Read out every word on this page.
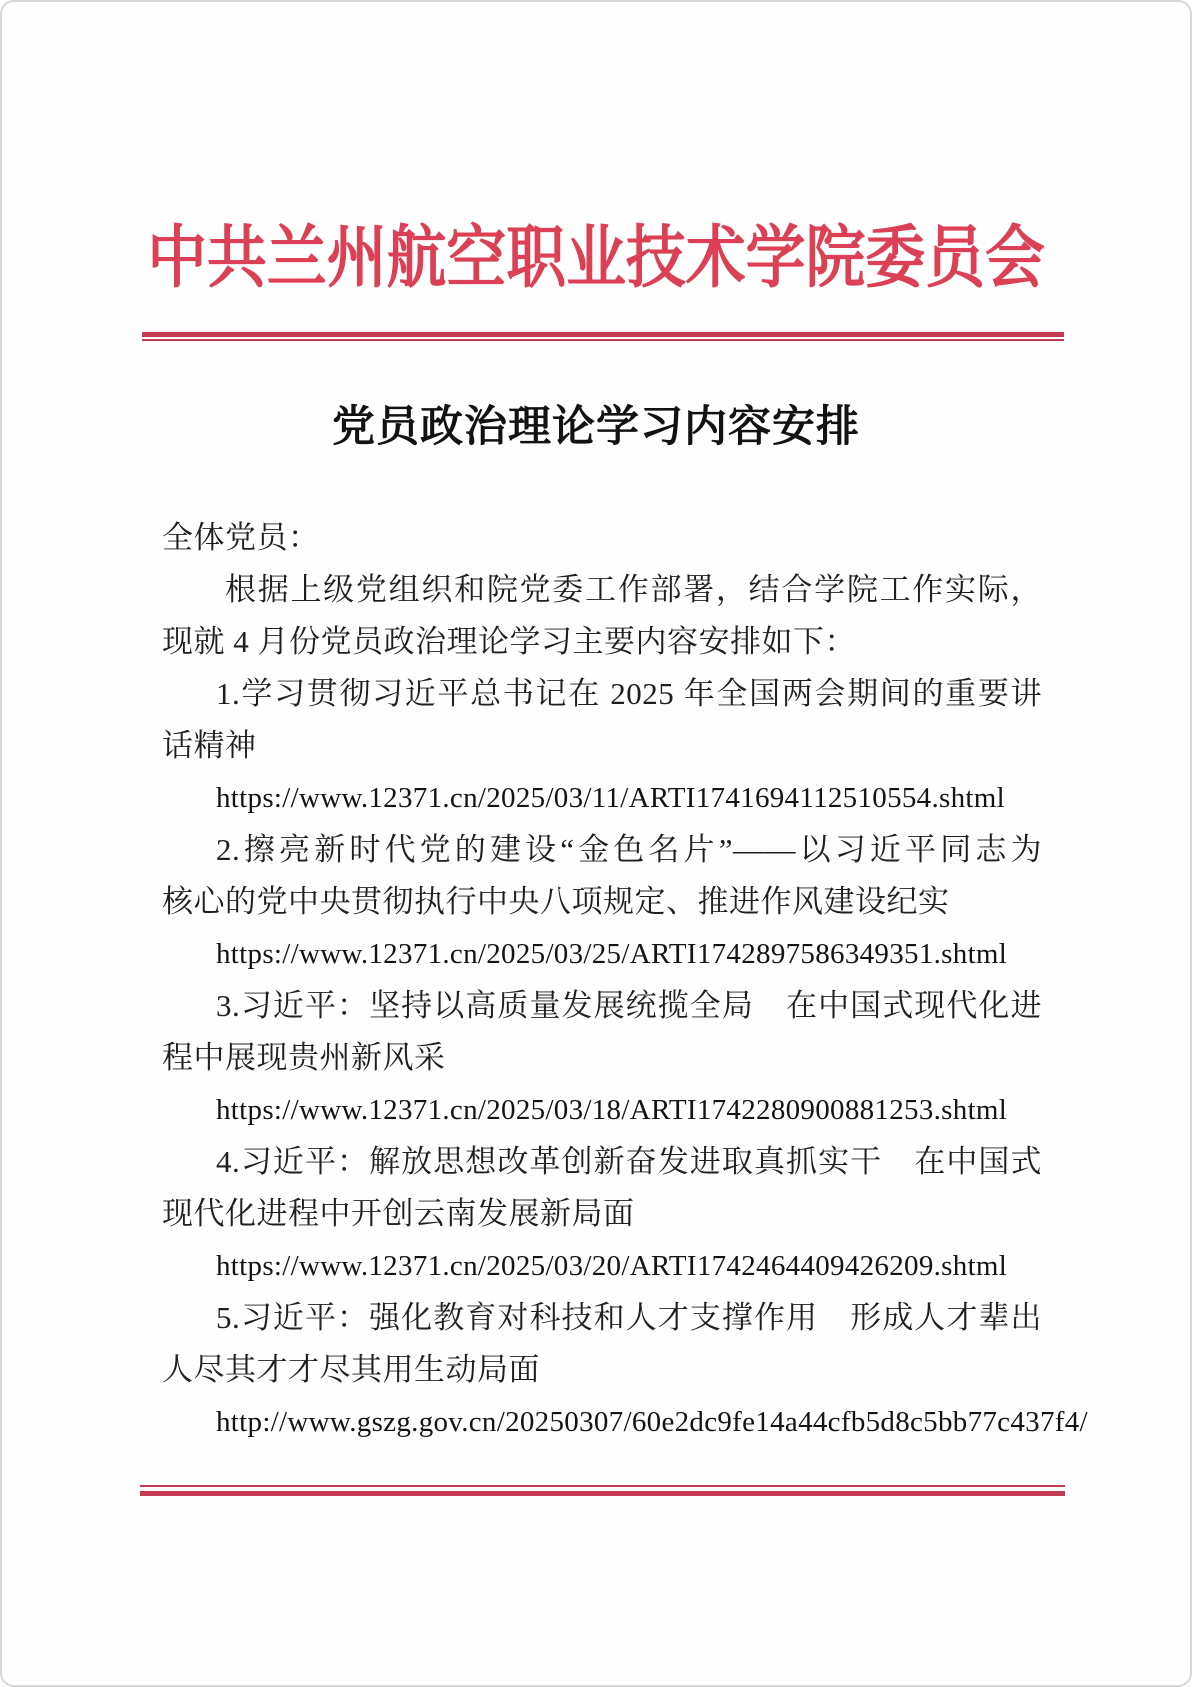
中共兰州航空职业技术学院委员会
党员政治理论学习内容安排
全体党员：
根据上级党组织和院党委工作部署，结合学院工作实际，
现就 4 月份党员政治理论学习主要内容安排如下：
1.学习贯彻习近平总书记在 2025 年全国两会期间的重要讲
话精神
https://www.12371.cn/2025/03/11/ARTI1741694112510554.shtml
2.擦亮新时代党的建设“金色名片”——以习近平同志为
核心的党中央贯彻执行中央八项规定、推进作风建设纪实
https://www.12371.cn/2025/03/25/ARTI1742897586349351.shtml
3.习近平：坚持以高质量发展统揽全局　在中国式现代化进
程中展现贵州新风采
https://www.12371.cn/2025/03/18/ARTI1742280900881253.shtml
4.习近平：解放思想改革创新奋发进取真抓实干　在中国式
现代化进程中开创云南发展新局面
https://www.12371.cn/2025/03/20/ARTI1742464409426209.shtml
5.习近平：强化教育对科技和人才支撑作用　形成人才辈出
人尽其才才尽其用生动局面
http://www.gszg.gov.cn/20250307/60e2dc9fe14a44cfb5d8c5bb77c437f4/
